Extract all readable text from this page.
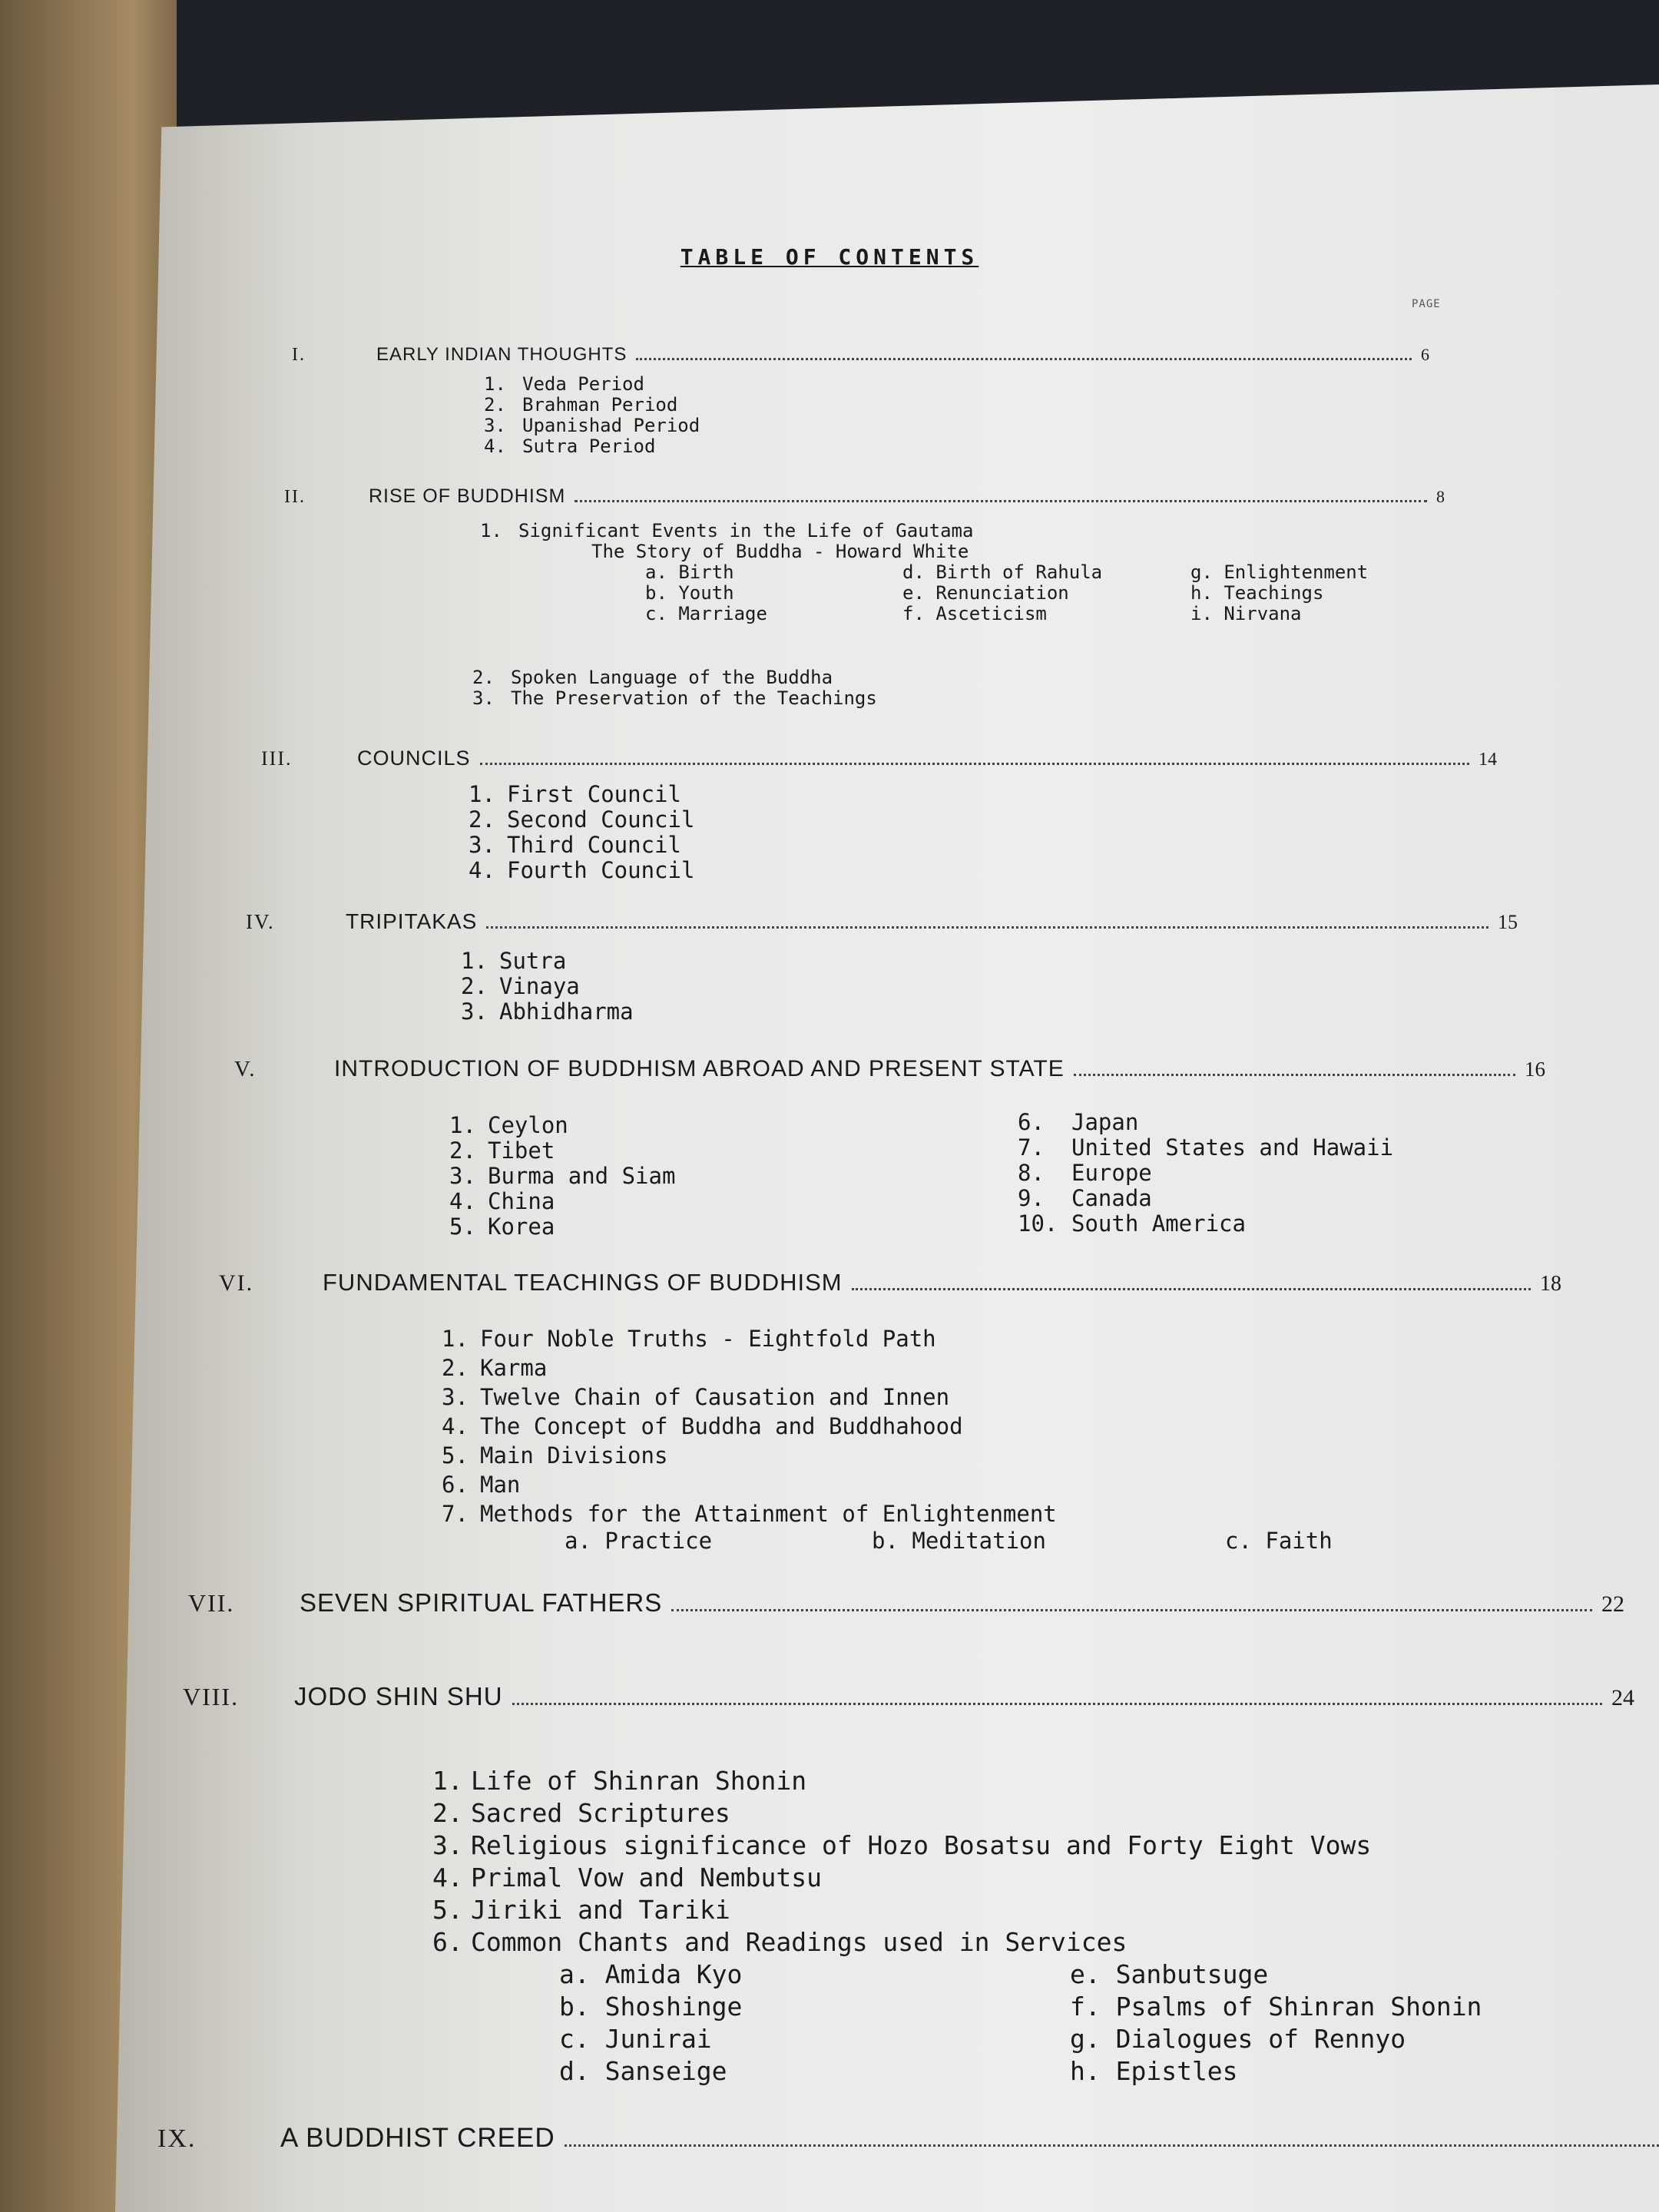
TABLE OF CONTENTS
PAGE
I.	EARLY INDIAN THOUGHTS	6
1. Veda Period
2. Brahman Period
3. Upanishad Period
4. Sutra Period
II.	RISE OF BUDDHISM	8
1. Significant Events in the Life of Gautama
The Story of Buddha - Howard White
a. Birth	d. Birth of Rahula	g. Enlightenment
b. Youth	e. Renunciation	h. Teachings
c. Marriage	f. Asceticism	i. Nirvana
2. Spoken Language of the Buddha
3. The Preservation of the Teachings
III.	COUNCILS	14
1. First Council
2. Second Council
3. Third Council
4. Fourth Council
IV.	TRIPITAKAS	15
1. Sutra
2. Vinaya
3. Abhidharma
V.	INTRODUCTION OF BUDDHISM ABROAD AND PRESENT STATE	16
1. Ceylon
2. Tibet
3. Burma and Siam
4. China
5. Korea
6. Japan
7. United States and Hawaii
8. Europe
9. Canada
10. South America
VI.	FUNDAMENTAL TEACHINGS OF BUDDHISM	18
1. Four Noble Truths - Eightfold Path
2. Karma
3. Twelve Chain of Causation and Innen
4. The Concept of Buddha and Buddhahood
5. Main Divisions
6. Man
7. Methods for the Attainment of Enlightenment
a. Practice	b. Meditation	c. Faith
VII.	SEVEN SPIRITUAL FATHERS	22
VIII.	JODO SHIN SHU	24
1. Life of Shinran Shonin
2. Sacred Scriptures
3. Religious significance of Hozo Bosatsu and Forty Eight Vows
4. Primal Vow and Nembutsu
5. Jiriki and Tariki
6. Common Chants and Readings used in Services
a. Amida Kyo	e. Sanbutsuge
b. Shoshinge	f. Psalms of Shinran Shonin
c. Junirai	g. Dialogues of Rennyo
d. Sanseige	h. Epistles
IX.	A BUDDHIST CREED
